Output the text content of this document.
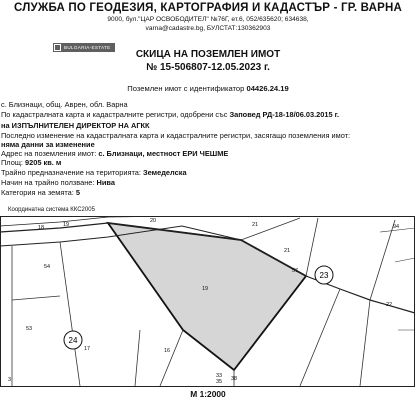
СЛУЖБА ПО ГЕОДЕЗИЯ, КАРТОГРАФИЯ И КАДАСТЪР - ГР. ВАРНА
9000, бул."ЦАР ОСВОБОДИТЕЛ" №76Г, ет.6, 052/635620; 634638,
varna@cadastre.bg, БУЛСТАТ:130362903
BULGARIA-ESTATE
СКИЦА НА ПОЗЕМЛЕН ИМОТ
№ 15-506807-12.05.2023 г.
Поземлен имот с идентификатор 04426.24.19
с. Близнаци, общ. Аврен, обл. Варна
По кадастралната карта и кадастралните регистри, одобрени със Заповед РД-18-18/06.03.2015 г.
на ИЗПЪЛНИТЕЛЕН ДИРЕКТОР НА АГКК
Последно изменение на кадастралната карта и кадастралните регистри, засягащо поземления имот:
няма данни за изменение
Адрес на поземления имот: с. Близнаци, местност ЕРИ ЧЕШМЕ
Площ: 9205 кв. м
Трайно предназначение на територията: Земеделска
Начин на трайно ползване: Нива
Категория на земята: 5
Координатна система ККС2005
23
24
18	19
20
21	94
21
54
57
22
53
17	16
33
35 38
3
19
М 1:2000
